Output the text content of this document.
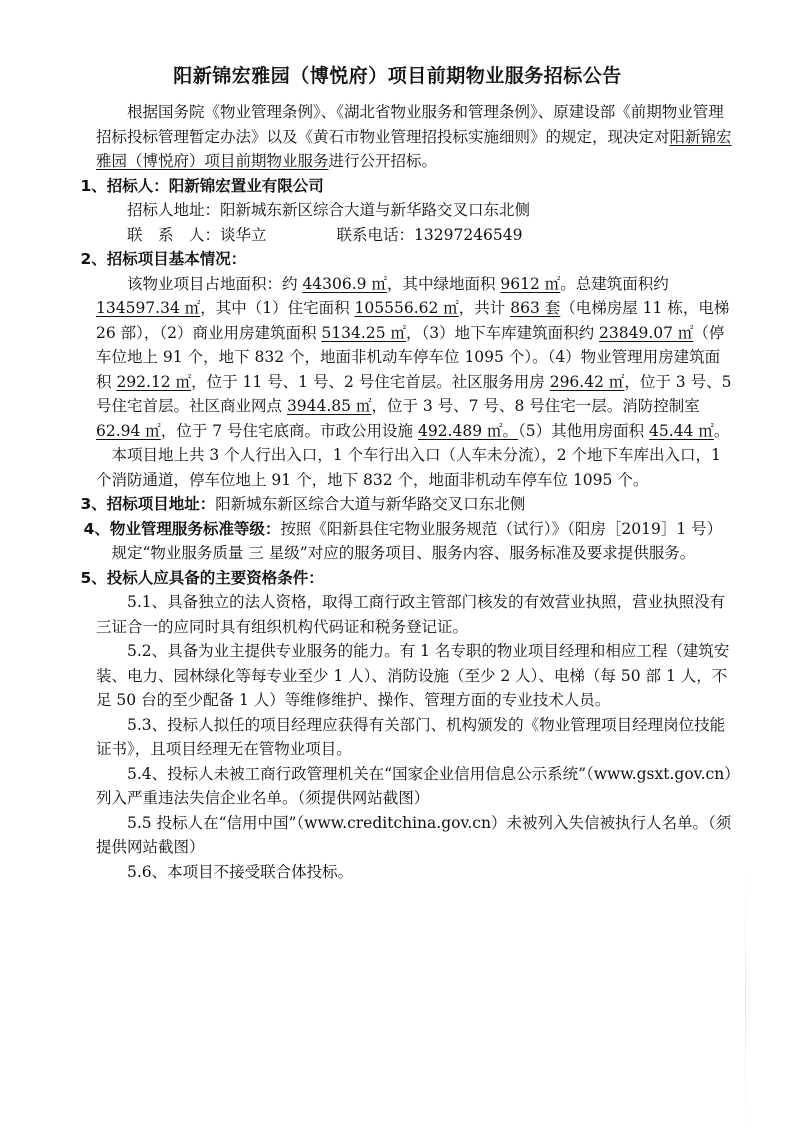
阳新锦宏雅园（博悦府）项目前期物业服务招标公告

根据国务院《物业管理条例》、《湖北省物业服务和管理条例》、原建设部《前期物业管理招标投标管理暂定办法》以及《黄石市物业管理招投标实施细则》的规定，现决定对阳新锦宏雅园（博悦府）项目前期物业服务进行公开招标。

1、招标人：阳新锦宏置业有限公司

招标人地址：阳新城东新区综合大道与新华路交叉口东北侧

联　系　人：谈华立	联系电话：13297246549

2、招标项目基本情况：

该物业项目占地面积：约 44306.9 ㎡，其中绿地面积 9612 ㎡。总建筑面积约 134597.34 ㎡，其中（1）住宅面积 105556.62 ㎡，共计 863 套（电梯房屋 11 栋，电梯 26 部），（2）商业用房建筑面积 5134.25 ㎡，（3）地下车库建筑面积约 23849.07 ㎡（停车位地上 91 个，地下 832 个，地面非机动车停车位 1095 个）。（4）物业管理用房建筑面积 292.12 ㎡，位于 11 号、1 号、2 号住宅首层。社区服务用房 296.42 ㎡，位于 3 号、5 号住宅首层。社区商业网点 3944.85 ㎡，位于 3 号、7 号、8 号住宅一层。消防控制室 62.94 ㎡，位于 7 号住宅底商。市政公用设施 492.489 ㎡。（5）其他用房面积 45.44 ㎡。

本项目地上共 3 个人行出入口，1 个车行出入口（人车未分流），2 个地下车库出入口，1 个消防通道，停车位地上 91 个，地下 832 个，地面非机动车停车位 1095 个。

3、招标项目地址：阳新城东新区综合大道与新华路交叉口东北侧

4、物业管理服务标准等级：按照《阳新县住宅物业服务规范（试行）》（阳房［2019］1 号）规定“物业服务质量 三 星级”对应的服务项目、服务内容、服务标准及要求提供服务。

5、投标人应具备的主要资格条件：

5.1、具备独立的法人资格，取得工商行政主管部门核发的有效营业执照，营业执照没有三证合一的应同时具有组织机构代码证和税务登记证。

5.2、具备为业主提供专业服务的能力。有 1 名专职的物业项目经理和相应工程（建筑安装、电力、园林绿化等每专业至少 1 人）、消防设施（至少 2 人）、电梯（每 50 部 1 人，不足 50 台的至少配备 1 人）等维修维护、操作、管理方面的专业技术人员。

5.3、投标人拟任的项目经理应获得有关部门、机构颁发的《物业管理项目经理岗位技能证书》，且项目经理无在管物业项目。

5.4、投标人未被工商行政管理机关在“国家企业信用信息公示系统”（www.gsxt.gov.cn）列入严重违法失信企业名单。（须提供网站截图）

5.5 投标人在“信用中国”（www.creditchina.gov.cn）未被列入失信被执行人名单。（须提供网站截图）

5.6、本项目不接受联合体投标。
